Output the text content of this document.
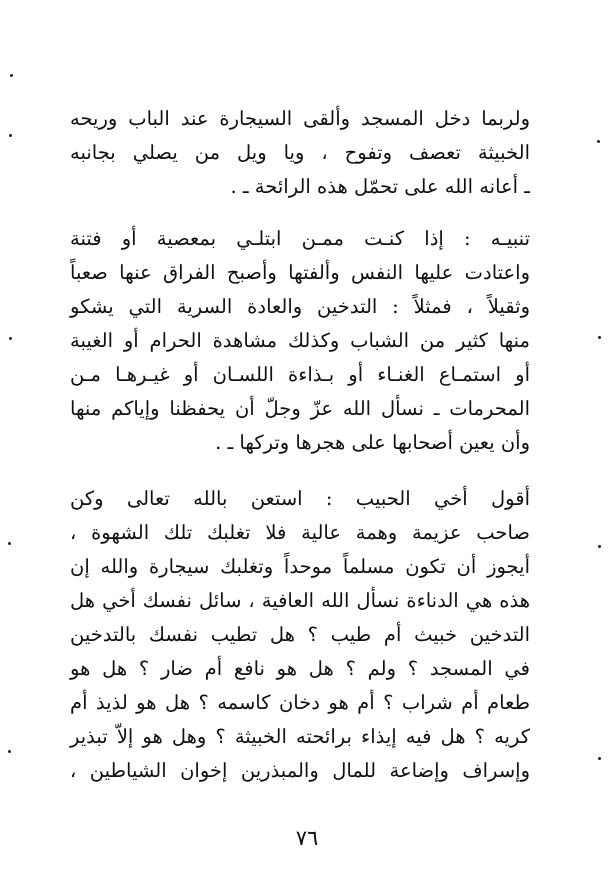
ولربما دخل المسجد وألقى السيجارة عند الباب وريحه
الخبيثة تعصف وتفوح ، ويا ويل من يصلي بجانبه
ـ أعانه الله على تحمّل هذه الرائحة ـ .

تنبيـه : إذا كنـت ممـن ابتلـي بمعصية أو فتنة
واعتادت عليها النفس وألفتها وأصبح الفراق عنها صعباً
وثقيلاً ، فمثلاً : التدخين والعادة السرية التي يشكو
منها كثير من الشباب وكذلك مشاهدة الحرام أو الغيبة
أو استمـاع الغنـاء أو بـذاءة اللسـان أو غيـرهـا مـن
المحرمات ـ نسأل الله عزّ وجلّ أن يحفظنا وإياكم منها
وأن يعين أصحابها على هجرها وتركها ـ .

أقول أخي الحبيب : استعن بالله تعالى وكن
صاحب عزيمة وهمة عالية فلا تغلبك تلك الشهوة ،
أيجوز أن تكون مسلماً موحداً وتغلبك سيجارة والله إن
هذه هي الدناءة نسأل الله العافية ، سائل نفسك أخي هل
التدخين خبيث أم طيب ؟ هل تطيب نفسك بالتدخين
في المسجد ؟ ولم ؟ هل هو نافع أم ضار ؟ هل هو
طعام أم شراب ؟ أم هو دخان كاسمه ؟ هل هو لذيذ أم
كريه ؟ هل فيه إيذاء برائحته الخبيثة ؟ وهل هو إلاّ تبذير
وإسراف وإضاعة للمال والمبذرين إخوان الشياطين ،

٧٦
